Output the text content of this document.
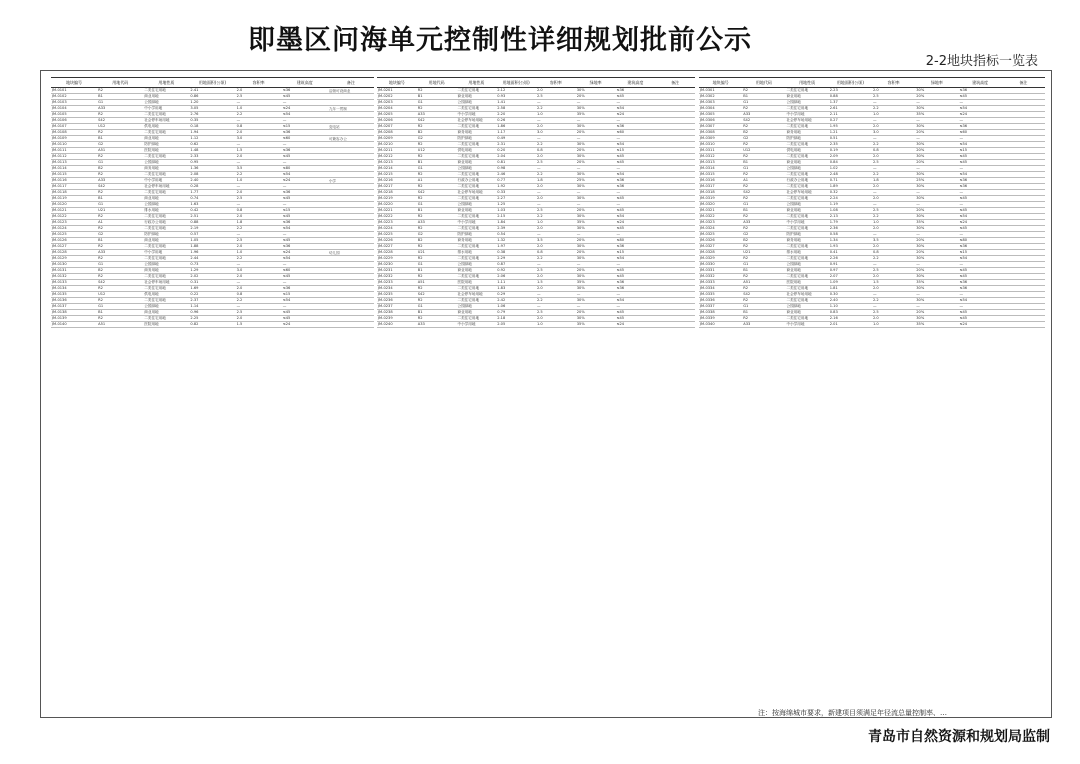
即墨区问海单元控制性详细规划批前公示
2-2地块指标一览表
地块编号	用地代码	用地性质	用地面积(公顷)	容积率	建筑高度	备注
JM-0101	R2	二类住宅用地	2.41	2.0	≤36	沿街可设商业
JM-0102	B1	商业用地	0.86	2.5	≤45	
JM-0103	G1	公园绿地	1.20	—	—	
JM-0104	A33	中小学用地	3.05	1.0	≤24	九年一贯制
JM-0105	R2	二类住宅用地	2.76	2.2	≤54	
JM-0106	S42	社会停车场用地	0.35	—	—	
JM-0107	U12	供电用地	0.18	0.8	≤15	变电站
JM-0108	R2	二类住宅用地	1.94	2.0	≤36	
JM-0109	B1	商业用地	1.12	3.0	≤60	可兼容办公
JM-0110	G2	防护绿地	0.62	—	—	
JM-0111	A51	医院用地	1.48	1.5	≤36	
JM-0112	R2	二类住宅用地	2.33	2.0	≤45	
JM-0113	G1	公园绿地	0.95	—	—	
JM-0114	B2	商务用地	1.36	3.5	≤80	
JM-0115	R2	二类住宅用地	2.08	2.2	≤54	
JM-0116	A33	中小学用地	2.40	1.0	≤24	小学
JM-0117	S42	社会停车场用地	0.28	—	—	
JM-0118	R2	二类住宅用地	1.77	2.0	≤36	
JM-0119	B1	商业用地	0.74	2.5	≤45	
JM-0120	G1	公园绿地	1.63	—	—	
JM-0121	U21	排水用地	0.42	0.8	≤15	
JM-0122	R2	二类住宅用地	2.51	2.0	≤45	
JM-0123	A1	行政办公用地	0.88	1.8	≤36	
JM-0124	R2	二类住宅用地	2.19	2.2	≤54	
JM-0125	G2	防护绿地	0.57	—	—	
JM-0126	B1	商业用地	1.05	2.5	≤45	
JM-0127	R2	二类住宅用地	1.88	2.0	≤36	
JM-0128	A33	中小学用地	1.96	1.0	≤24	幼儿园
JM-0129	R2	二类住宅用地	2.44	2.2	≤54	
JM-0130	G1	公园绿地	0.73	—	—	
JM-0131	B2	商务用地	1.29	3.0	≤60	
JM-0132	R2	二类住宅用地	2.02	2.0	≤45	
JM-0133	S42	社会停车场用地	0.31	—	—	
JM-0134	R2	二类住宅用地	1.69	2.0	≤36	
JM-0135	U12	供电用地	0.22	0.8	≤15	
JM-0136	R2	二类住宅用地	2.37	2.2	≤54	
JM-0137	G1	公园绿地	1.14	—	—	
JM-0138	B1	商业用地	0.96	2.5	≤45	
JM-0139	R2	二类住宅用地	2.25	2.0	≤45	
JM-0140	A51	医院用地	0.82	1.5	≤24	
地块编号	用地代码	用地性质	用地面积(公顷)	容积率	绿地率	建筑高度	备注
JM-0201	R2	二类住宅用地	2.12	2.0	30%	≤36	
JM-0202	B1	商业用地	0.93	2.5	20%	≤45	
JM-0203	G1	公园绿地	1.41	—	—	—	
JM-0204	R2	二类住宅用地	2.58	2.2	30%	≤54	
JM-0205	A33	中小学用地	2.20	1.0	35%	≤24	
JM-0206	S42	社会停车场用地	0.26	—	—	—	
JM-0207	R2	二类住宅用地	1.86	2.0	30%	≤36	
JM-0208	B2	商务用地	1.17	3.0	20%	≤60	
JM-0209	G2	防护绿地	0.49	—	—	—	
JM-0210	R2	二类住宅用地	2.31	2.2	30%	≤54	
JM-0211	U12	供电用地	0.20	0.8	20%	≤15	
JM-0212	R2	二类住宅用地	2.04	2.0	30%	≤45	
JM-0213	B1	商业用地	0.81	2.5	20%	≤45	
JM-0214	G1	公园绿地	0.98	—	—	—	
JM-0215	R2	二类住宅用地	2.46	2.2	30%	≤54	
JM-0216	A1	行政办公用地	0.77	1.8	25%	≤36	
JM-0217	R2	二类住宅用地	1.92	2.0	30%	≤36	
JM-0218	S42	社会停车场用地	0.33	—	—	—	
JM-0219	R2	二类住宅用地	2.27	2.0	30%	≤45	
JM-0220	G1	公园绿地	1.25	—	—	—	
JM-0221	B1	商业用地	1.03	2.5	20%	≤45	
JM-0222	R2	二类住宅用地	2.15	2.2	30%	≤54	
JM-0223	A33	中小学用地	1.84	1.0	35%	≤24	
JM-0224	R2	二类住宅用地	2.39	2.0	30%	≤45	
JM-0225	G2	防护绿地	0.54	—	—	—	
JM-0226	B2	商务用地	1.32	3.5	20%	≤80	
JM-0227	R2	二类住宅用地	1.97	2.0	30%	≤36	
JM-0228	U21	排水用地	0.38	0.8	20%	≤15	
JM-0229	R2	二类住宅用地	2.29	2.2	30%	≤54	
JM-0230	G1	公园绿地	0.87	—	—	—	
JM-0231	B1	商业用地	0.92	2.5	20%	≤45	
JM-0232	R2	二类住宅用地	2.06	2.0	30%	≤45	
JM-0233	A51	医院用地	1.11	1.5	35%	≤36	
JM-0234	R2	二类住宅用地	1.83	2.0	30%	≤36	
JM-0235	S42	社会停车场用地	0.29	—	—	—	
JM-0236	R2	二类住宅用地	2.42	2.2	30%	≤54	
JM-0237	G1	公园绿地	1.06	—	—	—	
JM-0238	B1	商业用地	0.79	2.5	20%	≤45	
JM-0239	R2	二类住宅用地	2.18	2.0	30%	≤45	
JM-0240	A33	中小学用地	2.05	1.0	35%	≤24	
地块编号	用地代码	用地性质	用地面积(公顷)	容积率	绿地率	建筑高度	备注
JM-0301	R2	二类住宅用地	2.23	2.0	30%	≤36	
JM-0302	B1	商业用地	0.88	2.5	20%	≤45	
JM-0303	G1	公园绿地	1.37	—	—	—	
JM-0304	R2	二类住宅用地	2.61	2.2	30%	≤54	
JM-0305	A33	中小学用地	2.11	1.0	35%	≤24	
JM-0306	S42	社会停车场用地	0.27	—	—	—	
JM-0307	R2	二类住宅用地	1.95	2.0	30%	≤36	
JM-0308	B2	商务用地	1.21	3.0	20%	≤60	
JM-0309	G2	防护绿地	0.51	—	—	—	
JM-0310	R2	二类住宅用地	2.35	2.2	30%	≤54	
JM-0311	U12	供电用地	0.19	0.8	20%	≤15	
JM-0312	R2	二类住宅用地	2.09	2.0	30%	≤45	
JM-0313	B1	商业用地	0.84	2.5	20%	≤45	
JM-0314	G1	公园绿地	1.02	—	—	—	
JM-0315	R2	二类住宅用地	2.48	2.2	30%	≤54	
JM-0316	A1	行政办公用地	0.71	1.8	25%	≤36	
JM-0317	R2	二类住宅用地	1.89	2.0	30%	≤36	
JM-0318	S42	社会停车场用地	0.32	—	—	—	
JM-0319	R2	二类住宅用地	2.24	2.0	30%	≤45	
JM-0320	G1	公园绿地	1.19	—	—	—	
JM-0321	B1	商业用地	1.08	2.5	20%	≤45	
JM-0322	R2	二类住宅用地	2.13	2.2	30%	≤54	
JM-0323	A33	中小学用地	1.79	1.0	35%	≤24	
JM-0324	R2	二类住宅用地	2.36	2.0	30%	≤45	
JM-0325	G2	防护绿地	0.58	—	—	—	
JM-0326	B2	商务用地	1.34	3.5	20%	≤80	
JM-0327	R2	二类住宅用地	1.93	2.0	30%	≤36	
JM-0328	U21	排水用地	0.41	0.8	20%	≤15	
JM-0329	R2	二类住宅用地	2.26	2.2	30%	≤54	
JM-0330	G1	公园绿地	0.91	—	—	—	
JM-0331	B1	商业用地	0.97	2.5	20%	≤45	
JM-0332	R2	二类住宅用地	2.07	2.0	30%	≤45	
JM-0333	A51	医院用地	1.09	1.5	35%	≤36	
JM-0334	R2	二类住宅用地	1.81	2.0	30%	≤36	
JM-0335	S42	社会停车场用地	0.30	—	—	—	
JM-0336	R2	二类住宅用地	2.40	2.2	30%	≤54	
JM-0337	G1	公园绿地	1.10	—	—	—	
JM-0338	B1	商业用地	0.83	2.5	20%	≤45	
JM-0339	R2	二类住宅用地	2.16	2.0	30%	≤45	
JM-0340	A33	中小学用地	2.01	1.0	35%	≤24	
注：按海绵城市要求，新建项目须满足年径流总量控制率、…
青岛市自然资源和规划局监制
